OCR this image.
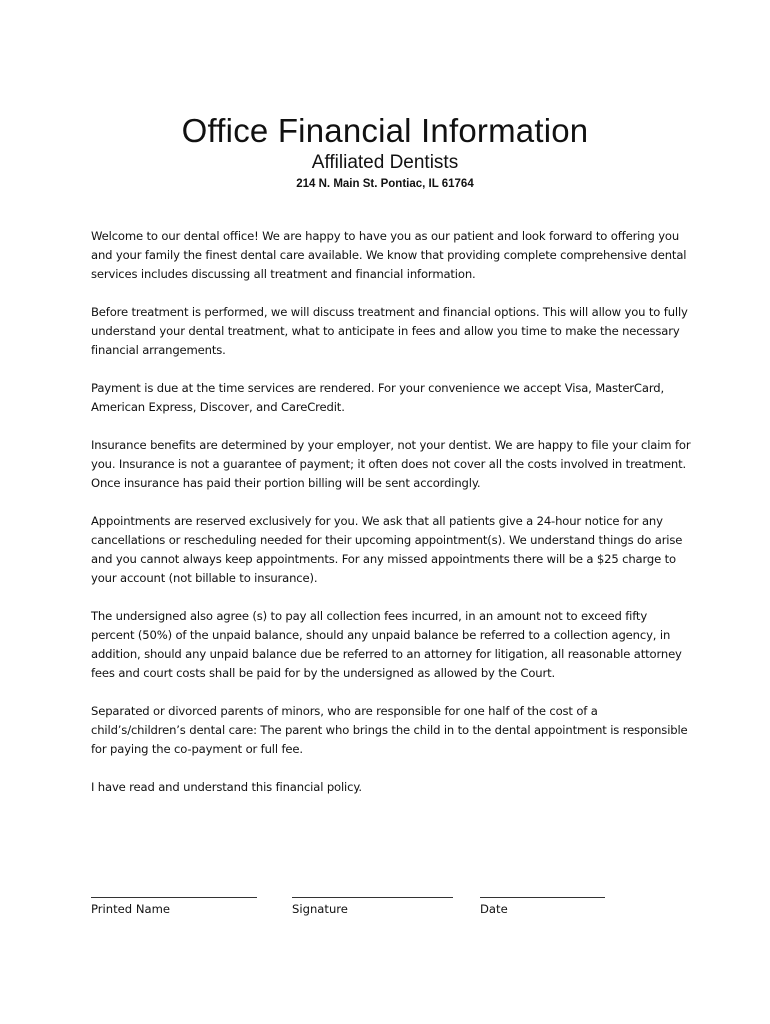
Office Financial Information
Affiliated Dentists
214 N. Main St. Pontiac, IL 61764

Welcome to our dental office! We are happy to have you as our patient and look forward to offering you and your family the finest dental care available. We know that providing complete comprehensive dental services includes discussing all treatment and financial information.

Before treatment is performed, we will discuss treatment and financial options. This will allow you to fully understand your dental treatment, what to anticipate in fees and allow you time to make the necessary financial arrangements.

Payment is due at the time services are rendered. For your convenience we accept Visa, MasterCard, American Express, Discover, and CareCredit.

Insurance benefits are determined by your employer, not your dentist. We are happy to file your claim for you. Insurance is not a guarantee of payment; it often does not cover all the costs involved in treatment. Once insurance has paid their portion billing will be sent accordingly.

Appointments are reserved exclusively for you. We ask that all patients give a 24-hour notice for any cancellations or rescheduling needed for their upcoming appointment(s). We understand things do arise and you cannot always keep appointments. For any missed appointments there will be a $25 charge to your account (not billable to insurance).

The undersigned also agree (s) to pay all collection fees incurred, in an amount not to exceed fifty percent (50%) of the unpaid balance, should any unpaid balance be referred to a collection agency, in addition, should any unpaid balance due be referred to an attorney for litigation, all reasonable attorney fees and court costs shall be paid for by the undersigned as allowed by the Court.

Separated or divorced parents of minors, who are responsible for one half of the cost of a child’s/children’s dental care: The parent who brings the child in to the dental appointment is responsible for paying the co-payment or full fee.

I have read and understand this financial policy.

Printed Name	Signature	Date
